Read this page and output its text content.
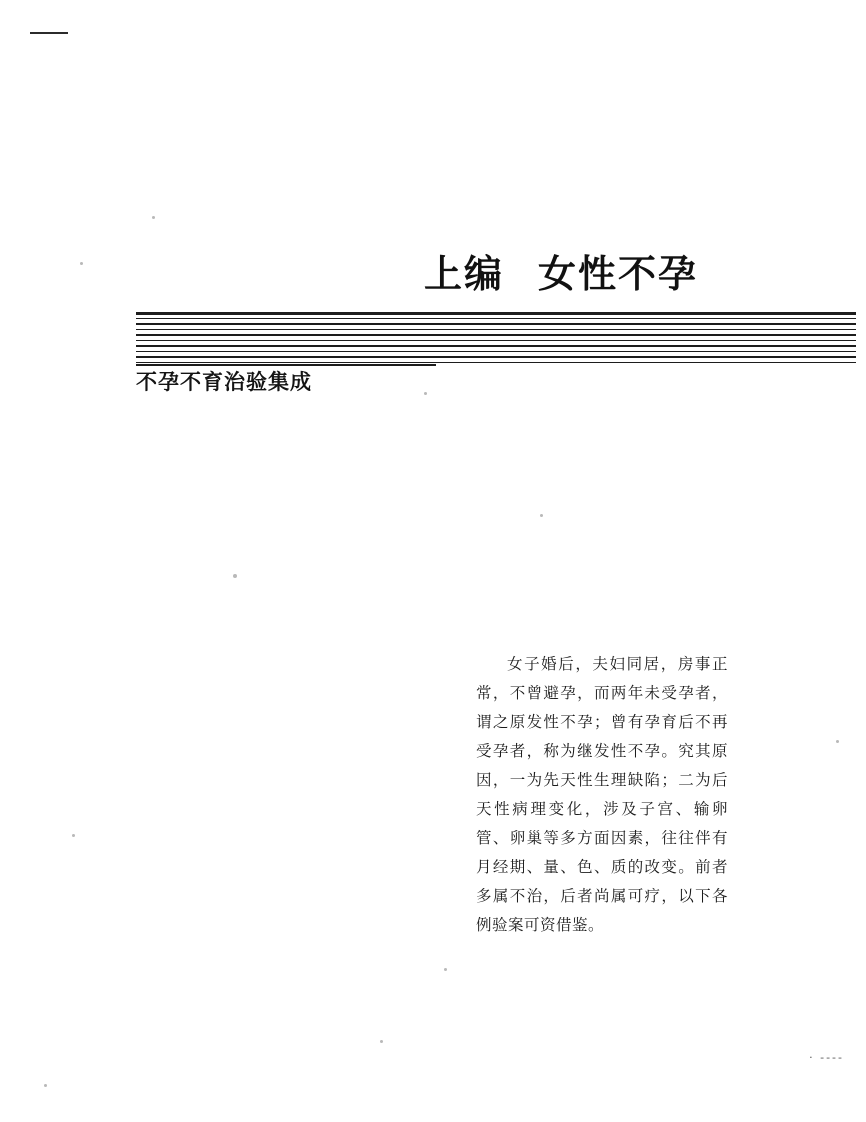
上编 女性不孕
不孕不育治验集成

女子婚后，夫妇同居，房事正常，不曾避孕，而两年未受孕者，谓之原发性不孕；曾有孕育后不再受孕者，称为继发性不孕。究其原因，一为先天性生理缺陷；二为后天性病理变化，涉及子宫、输卵管、卵巢等多方面因素，往往伴有月经期、量、色、质的改变。前者多属不治，后者尚属可疗，以下各例验案可资借鉴。

‧ ----
